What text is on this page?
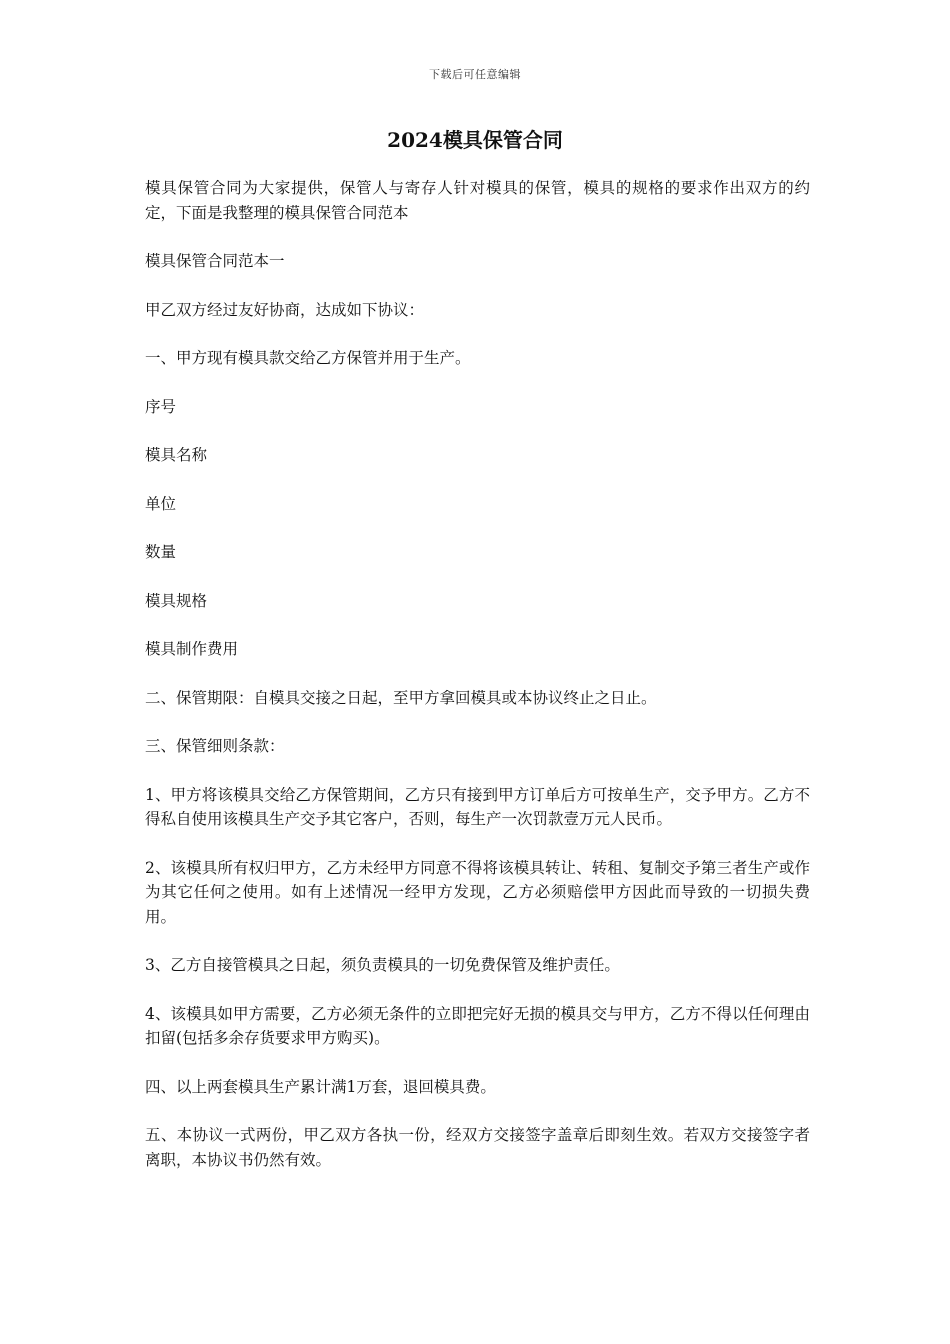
下载后可任意编辑
2024模具保管合同

模具保管合同为大家提供，保管人与寄存人针对模具的保管，模具的规格的要求作出双方的约定，下面是我整理的模具保管合同范本

模具保管合同范本一

甲乙双方经过友好协商，达成如下协议：

一、甲方现有模具款交给乙方保管并用于生产。

序号

模具名称

单位

数量

模具规格

模具制作费用

二、保管期限：自模具交接之日起，至甲方拿回模具或本协议终止之日止。

三、保管细则条款：

1、甲方将该模具交给乙方保管期间，乙方只有接到甲方订单后方可按单生产，交予甲方。乙方不得私自使用该模具生产交予其它客户，否则，每生产一次罚款壹万元人民币。

2、该模具所有权归甲方，乙方未经甲方同意不得将该模具转让、转租、复制交予第三者生产或作为其它任何之使用。如有上述情况一经甲方发现，乙方必须赔偿甲方因此而导致的一切损失费用。

3、乙方自接管模具之日起，须负责模具的一切免费保管及维护责任。

4、该模具如甲方需要，乙方必须无条件的立即把完好无损的模具交与甲方，乙方不得以任何理由扣留(包括多余存货要求甲方购买)。

四、以上两套模具生产累计满1万套，退回模具费。

五、本协议一式两份，甲乙双方各执一份，经双方交接签字盖章后即刻生效。若双方交接签字者离职，本协议书仍然有效。
